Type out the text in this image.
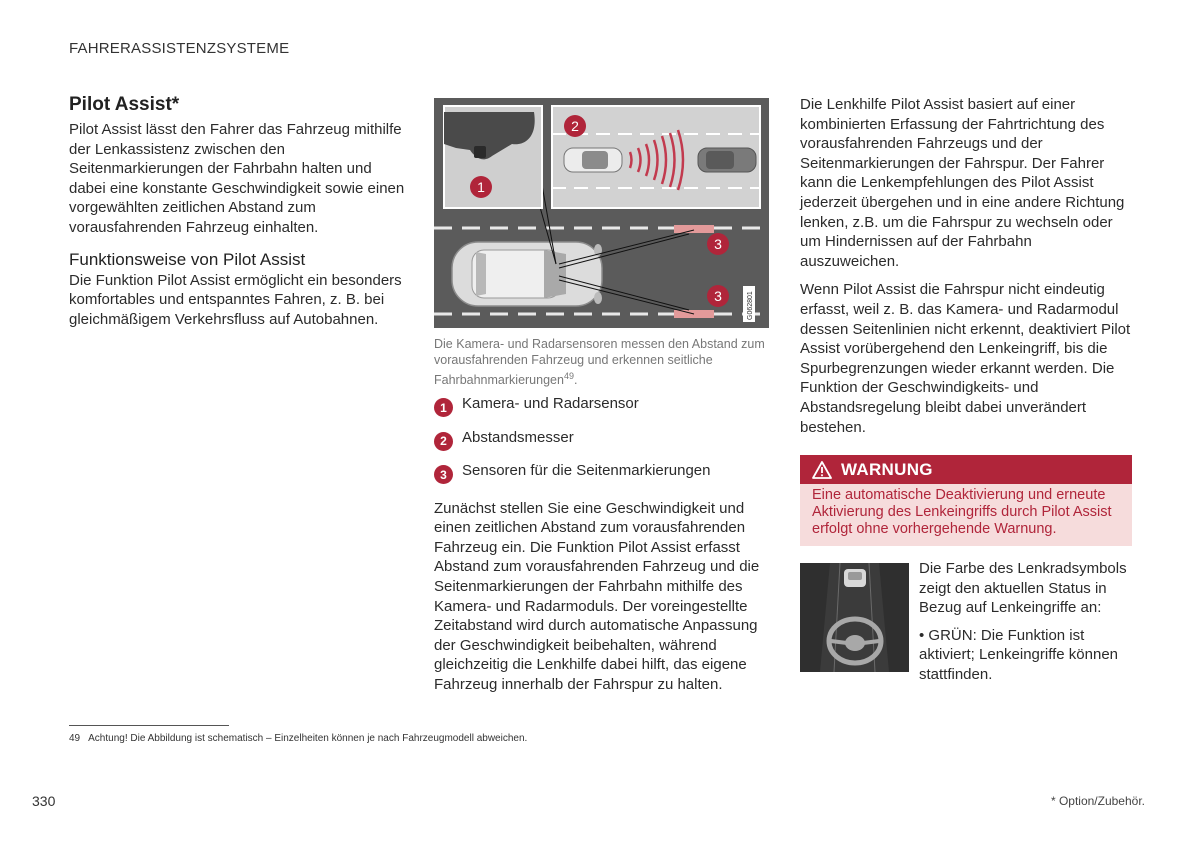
FAHRERASSISTENZSYSTEME
Pilot Assist*
Pilot Assist lässt den Fahrer das Fahrzeug mithilfe der Lenkassistenz zwischen den Seitenmarkierungen der Fahrbahn halten und dabei eine konstante Geschwindigkeit sowie einen vorgewählten zeitlichen Abstand zum vorausfahrenden Fahrzeug einhalten.
Funktionsweise von Pilot Assist
Die Funktion Pilot Assist ermöglicht ein besonders komfortables und entspanntes Fahren, z. B. bei gleichmäßigem Verkehrsfluss auf Autobahnen.
1
2
3
3	G062801
Die Kamera- und Radarsensoren messen den Abstand zum vorausfahrenden Fahrzeug und erkennen seitliche Fahrbahnmarkierungen$^{49}$.
1	Kamera- und Radarsensor
2	Abstandsmesser
3	Sensoren für die Seitenmarkierungen
Zunächst stellen Sie eine Geschwindigkeit und einen zeitlichen Abstand zum vorausfahrenden Fahrzeug ein. Die Funktion Pilot Assist erfasst Abstand zum vorausfahrenden Fahrzeug und die Seitenmarkierungen der Fahrbahn mithilfe des Kamera- und Radarmoduls. Der voreingestellte Zeitabstand wird durch automatische Anpassung der Geschwindigkeit beibehalten, während gleichzeitig die Lenkhilfe dabei hilft, das eigene Fahrzeug innerhalb der Fahrspur zu halten.
Die Lenkhilfe Pilot Assist basiert auf einer kombinierten Erfassung der Fahrtrichtung des vorausfahrenden Fahrzeugs und der Seitenmarkierungen der Fahrspur. Der Fahrer kann die Lenkempfehlungen des Pilot Assist jederzeit übergehen und in eine andere Richtung lenken, z.B. um die Fahrspur zu wechseln oder um Hindernissen auf der Fahrbahn auszuweichen.
Wenn Pilot Assist die Fahrspur nicht eindeutig erfasst, weil z. B. das Kamera- und Radarmodul dessen Seitenlinien nicht erkennt, deaktiviert Pilot Assist vorübergehend den Lenkeingriff, bis die Spurbegrenzungen wieder erkannt werden. Die Funktion der Geschwindigkeits- und Abstandsregelung bleibt dabei unverändert bestehen.
WARNUNG
Eine automatische Deaktivierung und erneute Aktivierung des Lenkeingriffs durch Pilot Assist erfolgt ohne vorhergehende Warnung.
Die Farbe des Lenkradsymbols zeigt den aktuellen Status in Bezug auf Lenkeingriffe an:
• GRÜN: Die Funktion ist aktiviert; Lenkeingriffe können stattfinden.
49 Achtung! Die Abbildung ist schematisch – Einzelheiten können je nach Fahrzeugmodell abweichen.
330	* Option/Zubehör.
